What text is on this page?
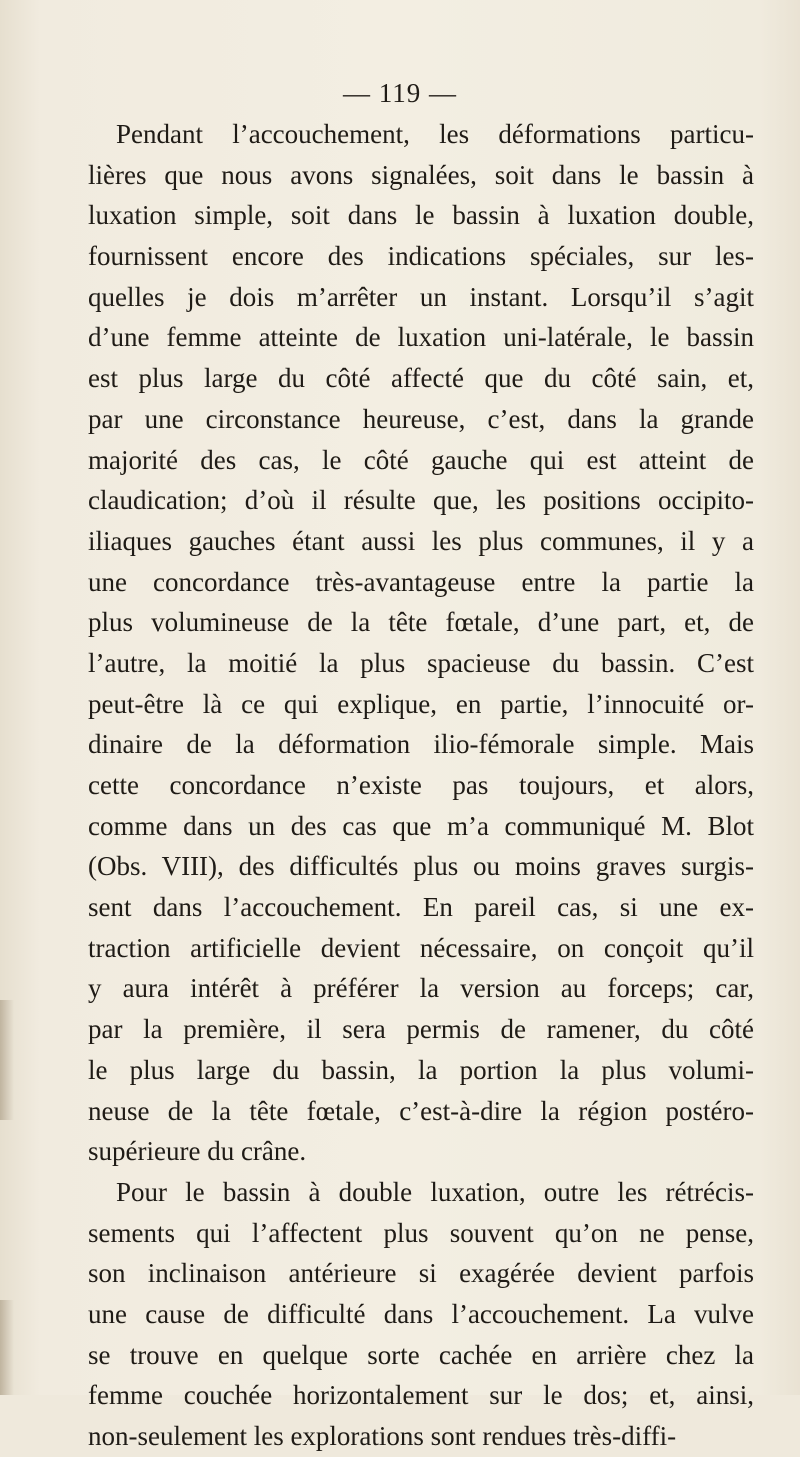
— 119 —
Pendant l’accouchement, les déformations particu-
lières que nous avons signalées, soit dans le bassin à
luxation simple, soit dans le bassin à luxation double,
fournissent encore des indications spéciales, sur les-
quelles je dois m’arrêter un instant. Lorsqu’il s’agit
d’une femme atteinte de luxation uni-latérale, le bassin
est plus large du côté affecté que du côté sain, et,
par une circonstance heureuse, c’est, dans la grande
majorité des cas, le côté gauche qui est atteint de
claudication; d’où il résulte que, les positions occipito-
iliaques gauches étant aussi les plus communes, il y a
une concordance très-avantageuse entre la partie la
plus volumineuse de la tête fœtale, d’une part, et, de
l’autre, la moitié la plus spacieuse du bassin. C’est
peut-être là ce qui explique, en partie, l’innocuité or-
dinaire de la déformation ilio-fémorale simple. Mais
cette concordance n’existe pas toujours, et alors,
comme dans un des cas que m’a communiqué M. Blot
(Obs. VIII), des difficultés plus ou moins graves surgis-
sent dans l’accouchement. En pareil cas, si une ex-
traction artificielle devient nécessaire, on conçoit qu’il
y aura intérêt à préférer la version au forceps; car,
par la première, il sera permis de ramener, du côté
le plus large du bassin, la portion la plus volumi-
neuse de la tête fœtale, c’est-à-dire la région postéro-
supérieure du crâne.
Pour le bassin à double luxation, outre les rétrécis-
sements qui l’affectent plus souvent qu’on ne pense,
son inclinaison antérieure si exagérée devient parfois
une cause de difficulté dans l’accouchement. La vulve
se trouve en quelque sorte cachée en arrière chez la
femme couchée horizontalement sur le dos; et, ainsi,
non-seulement les explorations sont rendues très-diffi-
